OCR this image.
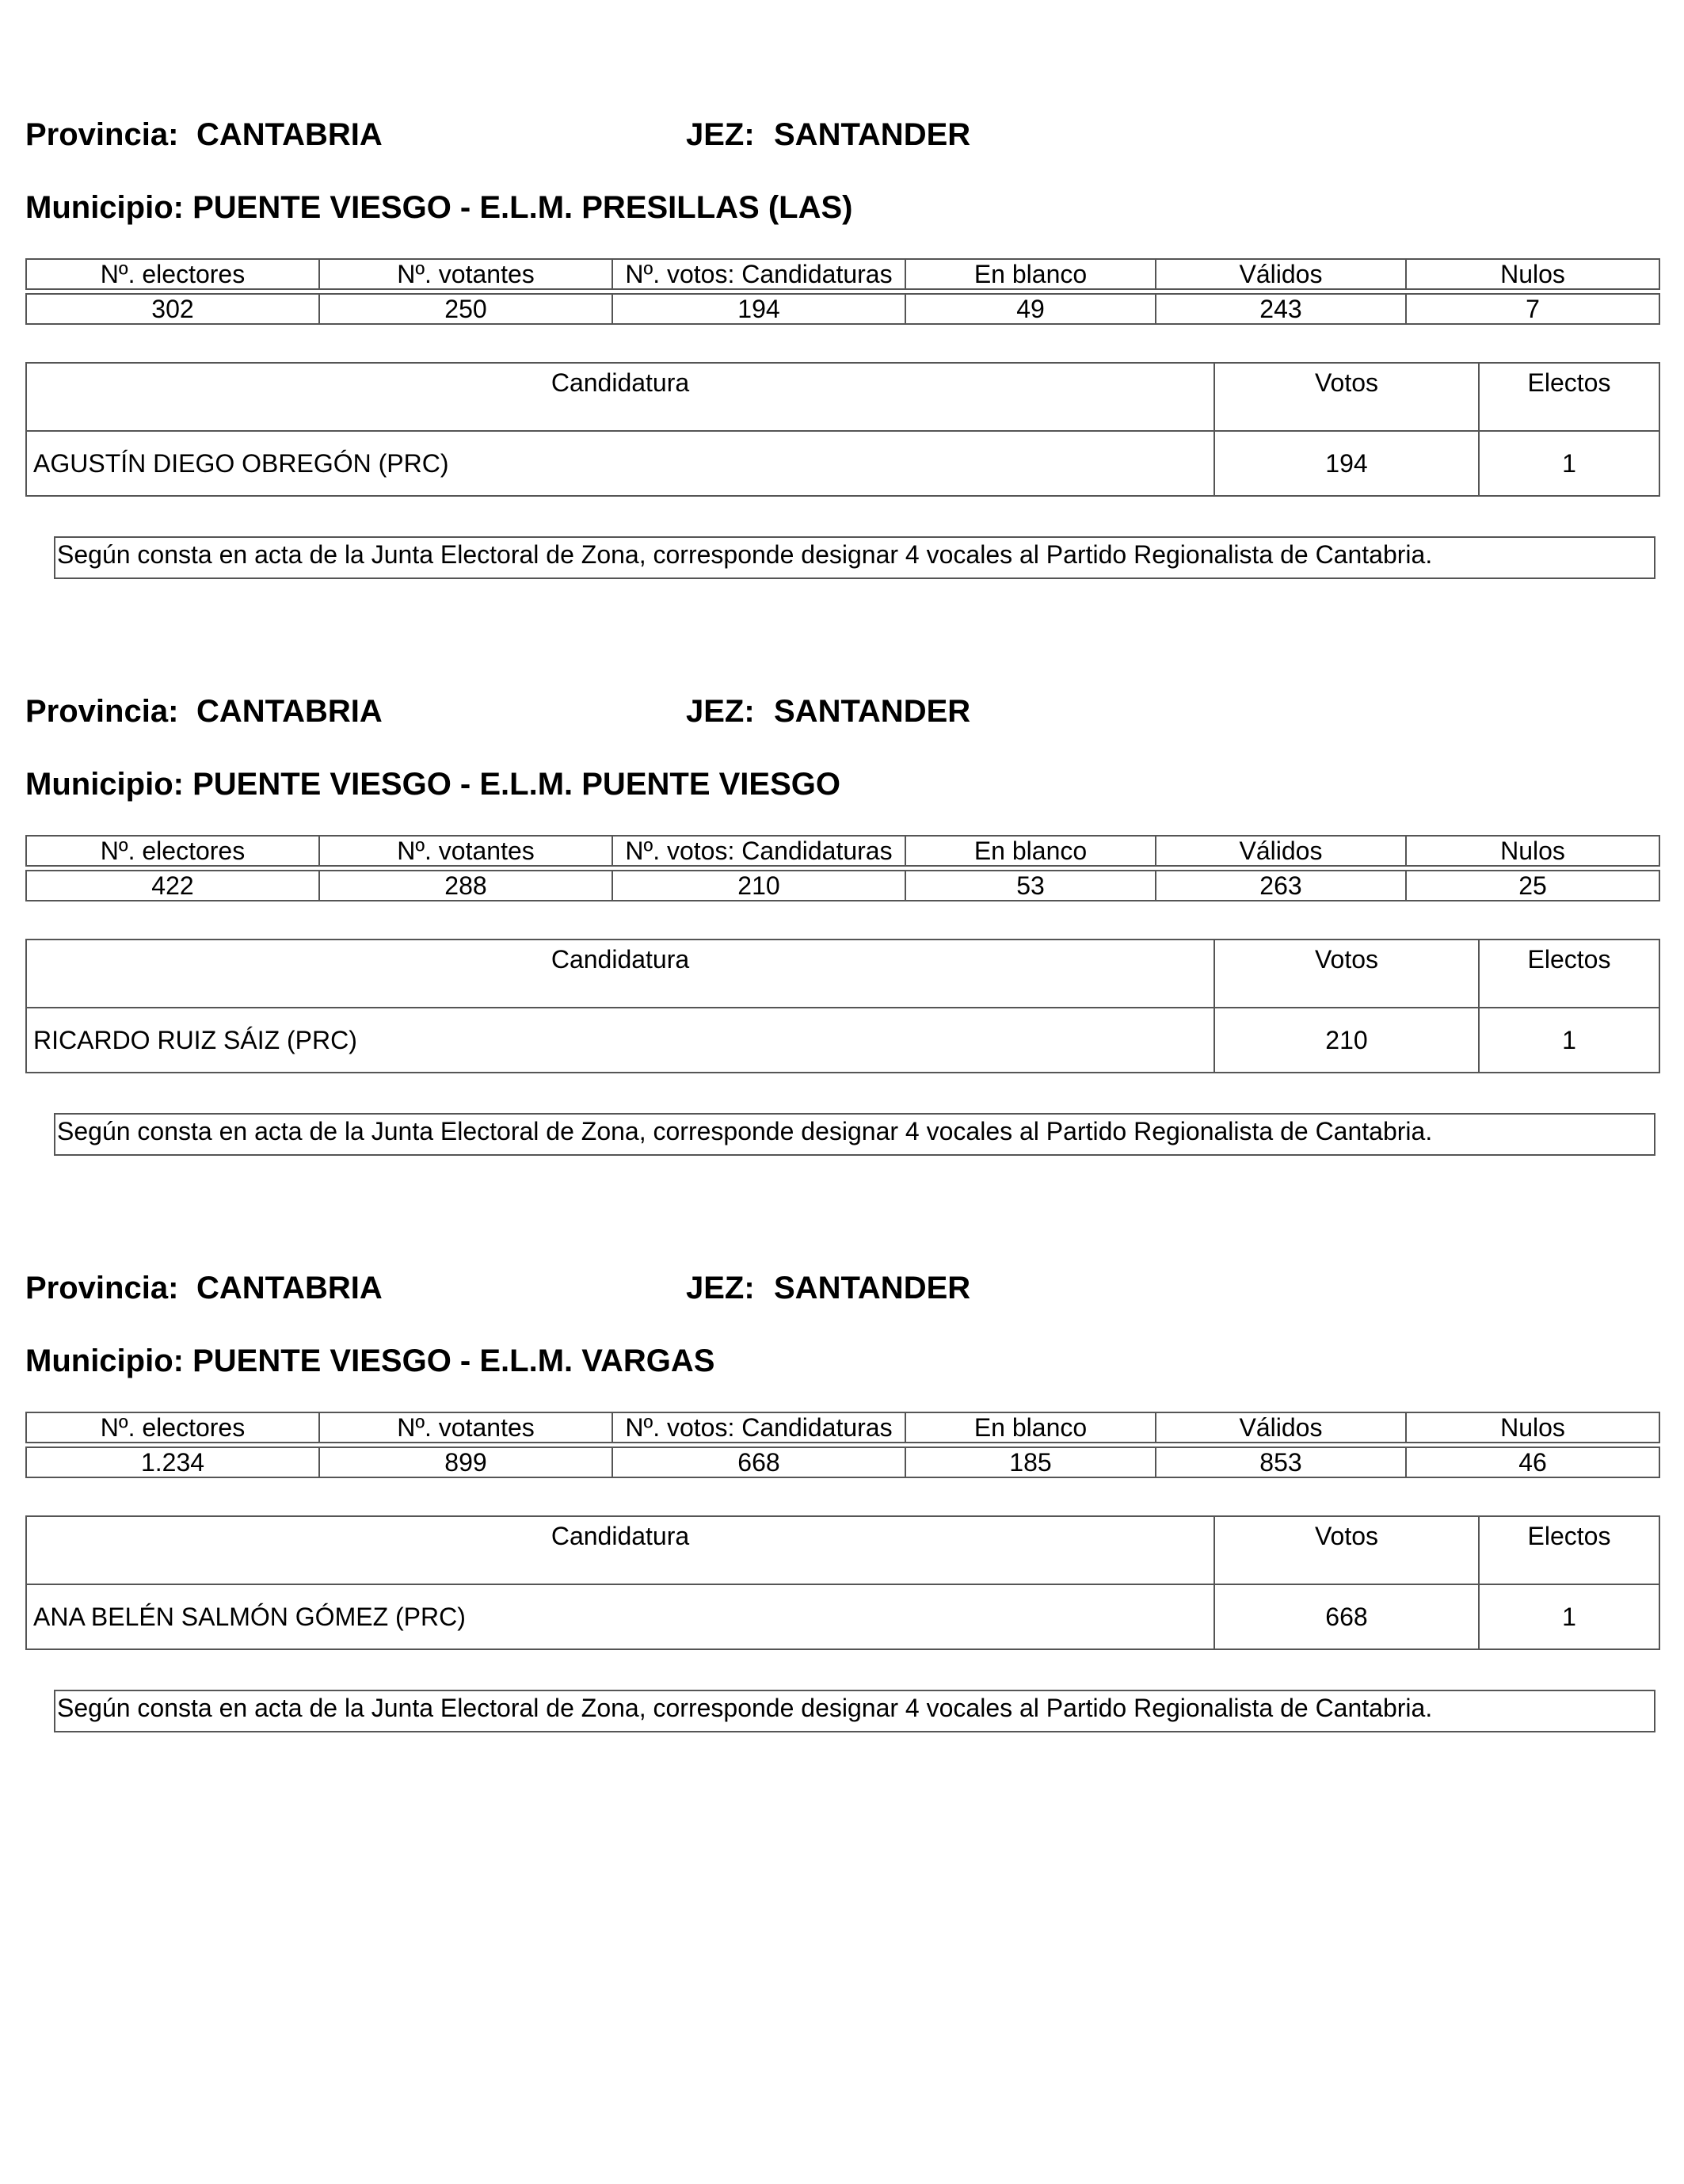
Provincia: CANTABRIA	JEZ: SANTANDER
Municipio: PUENTE VIESGO - E.L.M. PRESILLAS (LAS)
Nº. electores	Nº. votantes	Nº. votos: Candidaturas	En blanco	Válidos	Nulos

302	250	194	49	243	7
Candidatura	Votos	Electos
AGUSTÍN DIEGO OBREGÓN (PRC)	194	1
Según consta en acta de la Junta Electoral de Zona, corresponde designar 4 vocales al Partido Regionalista de Cantabria.
Provincia: CANTABRIA	JEZ: SANTANDER
Municipio: PUENTE VIESGO - E.L.M. PUENTE VIESGO
Nº. electores	Nº. votantes	Nº. votos: Candidaturas	En blanco	Válidos	Nulos

422	288	210	53	263	25
Candidatura	Votos	Electos
RICARDO RUIZ SÁIZ (PRC)	210	1
Según consta en acta de la Junta Electoral de Zona, corresponde designar 4 vocales al Partido Regionalista de Cantabria.
Provincia: CANTABRIA	JEZ: SANTANDER
Municipio: PUENTE VIESGO - E.L.M. VARGAS
Nº. electores	Nº. votantes	Nº. votos: Candidaturas	En blanco	Válidos	Nulos

1.234	899	668	185	853	46
Candidatura	Votos	Electos
ANA BELÉN SALMÓN GÓMEZ (PRC)	668	1
Según consta en acta de la Junta Electoral de Zona, corresponde designar 4 vocales al Partido Regionalista de Cantabria.
